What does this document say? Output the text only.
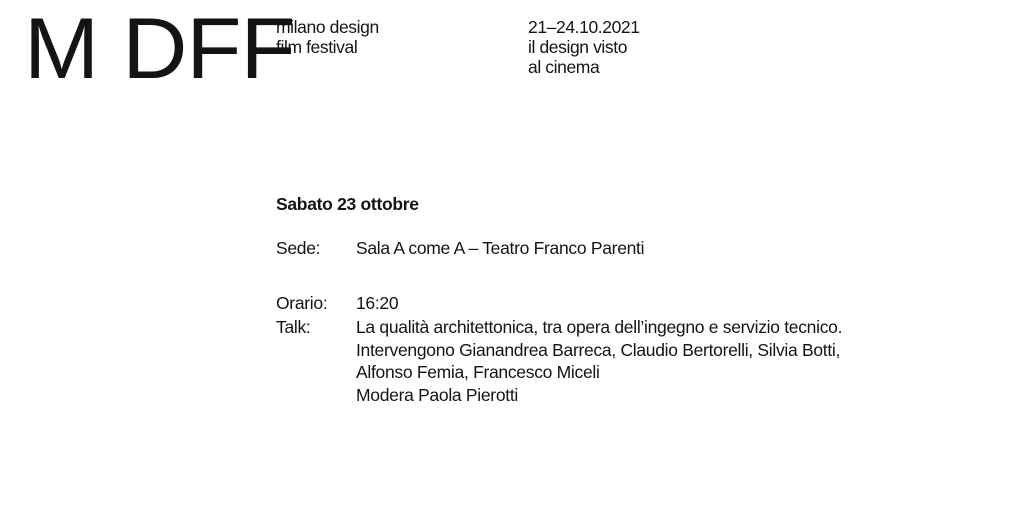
M DFF
milano design
film festival
21–24.10.2021
il design visto
al cinema
Sabato 23 ottobre
Sede:	Sala A come A – Teatro Franco Parenti
Orario:	16:20
Talk:	La qualità architettonica, tra opera dell’ingegno e servizio tecnico.
Intervengono Gianandrea Barreca, Claudio Bertorelli, Silvia Botti,
Alfonso Femia, Francesco Miceli
Modera Paola Pierotti
